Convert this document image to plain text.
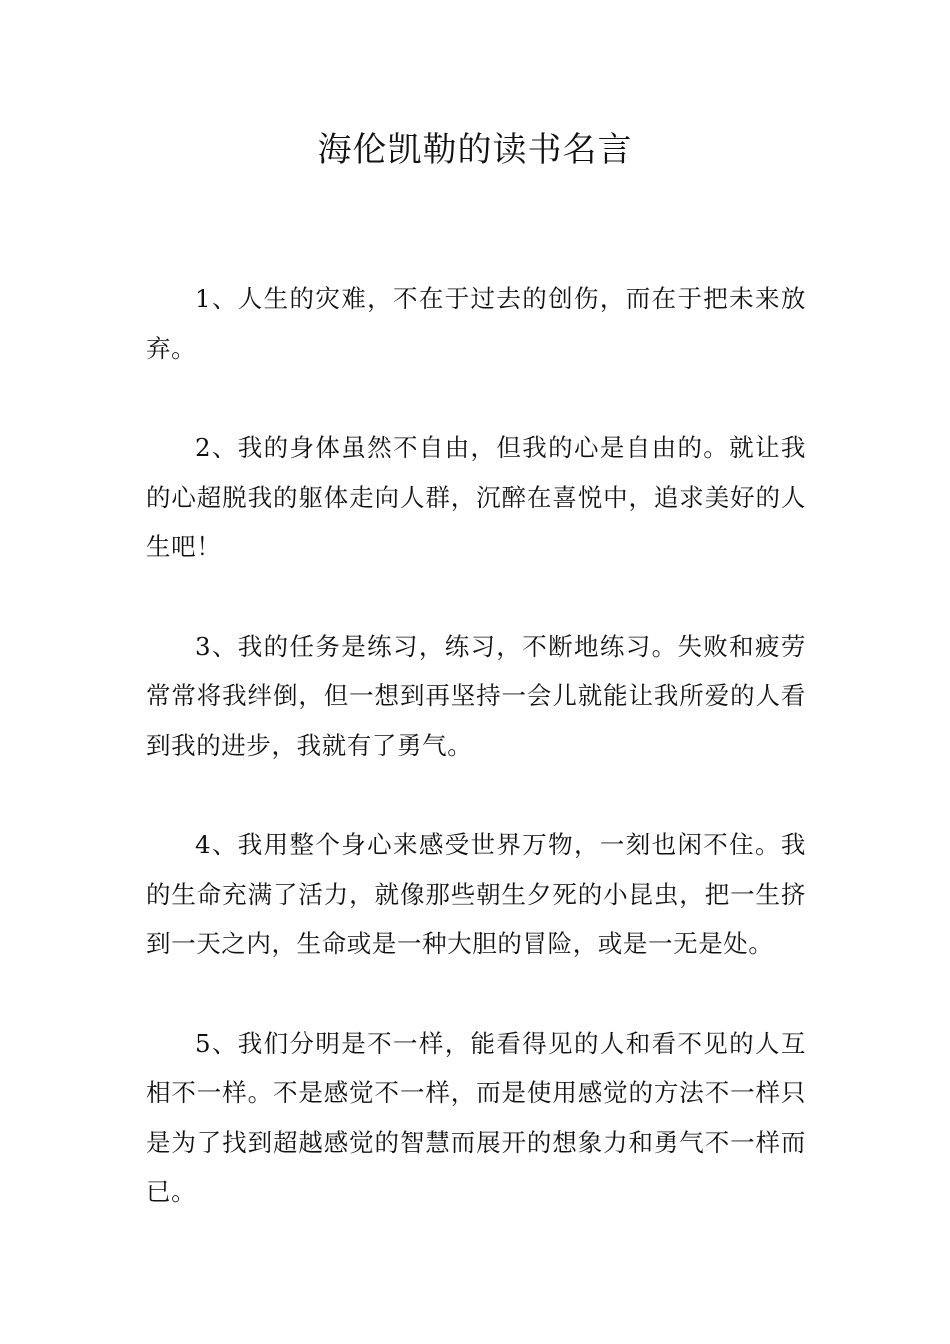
海伦凯勒的读书名言

1、人生的灾难，不在于过去的创伤，而在于把未来放弃。

2、我的身体虽然不自由，但我的心是自由的。就让我的心超脱我的躯体走向人群，沉醉在喜悦中，追求美好的人生吧！

3、我的任务是练习，练习，不断地练习。失败和疲劳常常将我绊倒，但一想到再坚持一会儿就能让我所爱的人看到我的进步，我就有了勇气。

4、我用整个身心来感受世界万物，一刻也闲不住。我的生命充满了活力，就像那些朝生夕死的小昆虫，把一生挤到一天之内，生命或是一种大胆的冒险，或是一无是处。

5、我们分明是不一样，能看得见的人和看不见的人互相不一样。不是感觉不一样，而是使用感觉的方法不一样只是为了找到超越感觉的智慧而展开的想象力和勇气不一样而已。
